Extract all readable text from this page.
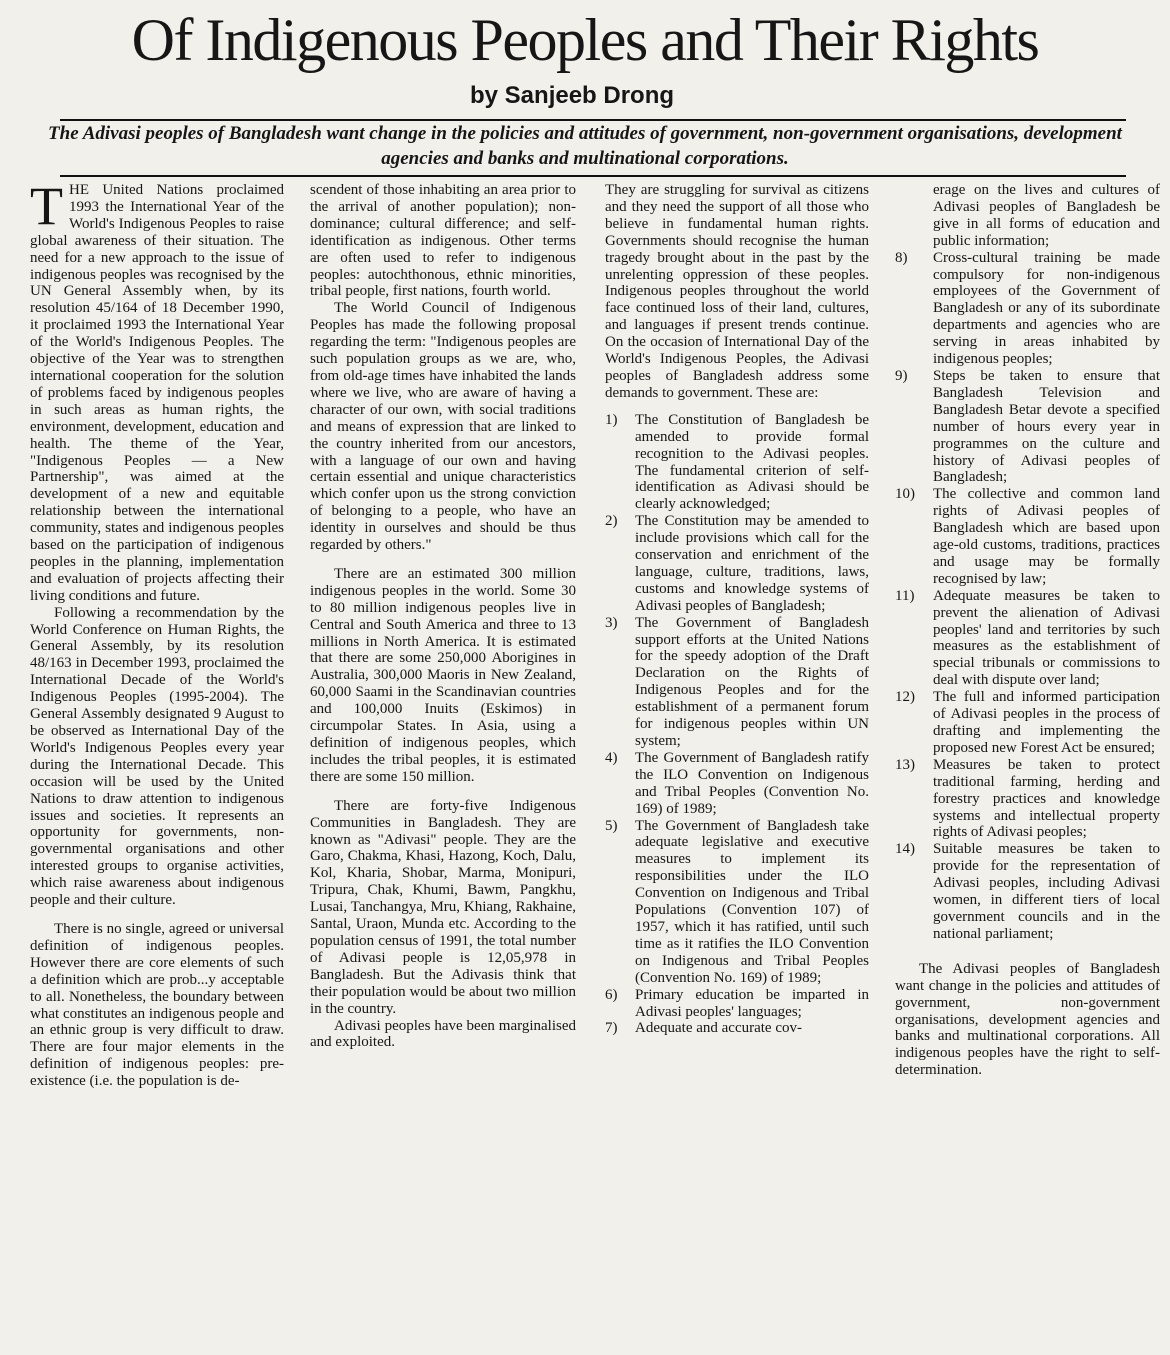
Of Indigenous Peoples and Their Rights
by Sanjeeb Drong

The Adivasi peoples of Bangladesh want change in the policies and attitudes of government, non-government organisations, development agencies and banks and multinational corporations.

THE United Nations proclaimed 1993 the International Year of the World's Indigenous Peoples to raise global awareness of their situation. The need for a new approach to the issue of indigenous peoples was recognised by the UN General Assembly when, by its resolution 45/164 of 18 December 1990, it proclaimed 1993 the International Year of the World's Indigenous Peoples. The objective of the Year was to strengthen international cooperation for the solution of problems faced by indigenous peoples in such areas as human rights, the environment, development, education and health. The theme of the Year, "Indigenous Peoples — a New Partnership", was aimed at the development of a new and equitable relationship between the international community, states and indigenous peoples based on the participation of indigenous peoples in the planning, implementation and evaluation of projects affecting their living conditions and future.

Following a recommendation by the World Conference on Human Rights, the General Assembly, by its resolution 48/163 in December 1993, proclaimed the International Decade of the World's Indigenous Peoples (1995-2004). The General Assembly designated 9 August to be observed as International Day of the World's Indigenous Peoples every year during the International Decade. This occasion will be used by the United Nations to draw attention to indigenous issues and societies. It represents an opportunity for governments, non-governmental organisations and other interested groups to organise activities, which raise awareness about indigenous people and their culture.

There is no single, agreed or universal definition of indigenous peoples. However there are core elements of such a definition which are prob...y acceptable to all. Nonetheless, the boundary between what constitutes an indigenous people and an ethnic group is very difficult to draw. There are four major elements in the definition of indigenous peoples: pre-existence (i.e. the population is de-

scendent of those inhabiting an area prior to the arrival of another population); non-dominance; cultural difference; and self-identification as indigenous. Other terms are often used to refer to indigenous peoples: autochthonous, ethnic minorities, tribal people, first nations, fourth world.

The World Council of Indigenous Peoples has made the following proposal regarding the term: "Indigenous peoples are such population groups as we are, who, from old-age times have inhabited the lands where we live, who are aware of having a character of our own, with social traditions and means of expression that are linked to the country inherited from our ancestors, with a language of our own and having certain essential and unique characteristics which confer upon us the strong conviction of belonging to a people, who have an identity in ourselves and should be thus regarded by others."

There are an estimated 300 million indigenous peoples in the world. Some 30 to 80 million indigenous peoples live in Central and South America and three to 13 millions in North America. It is estimated that there are some 250,000 Aborigines in Australia, 300,000 Maoris in New Zealand, 60,000 Saami in the Scandinavian countries and 100,000 Inuits (Eskimos) in circumpolar States. In Asia, using a definition of indigenous peoples, which includes the tribal peoples, it is estimated there are some 150 million.

There are forty-five Indigenous Communities in Bangladesh. They are known as "Adivasi" people. They are the Garo, Chakma, Khasi, Hazong, Koch, Dalu, Kol, Kharia, Shobar, Marma, Monipuri, Tripura, Chak, Khumi, Bawm, Pangkhu, Lusai, Tanchangya, Mru, Khiang, Rakhaine, Santal, Uraon, Munda etc. According to the population census of 1991, the total number of Adivasi people is 12,05,978 in Bangladesh. But the Adivasis think that their population would be about two million in the country.

Adivasi peoples have been marginalised and exploited.

They are struggling for survival as citizens and they need the support of all those who believe in fundamental human rights. Governments should recognise the human tragedy brought about in the past by the unrelenting oppression of these peoples. Indigenous peoples throughout the world face continued loss of their land, cultures, and languages if present trends continue. On the occasion of International Day of the World's Indigenous Peoples, the Adivasi peoples of Bangladesh address some demands to government. These are:

1)	The Constitution of Bangladesh be amended to provide formal recognition to the Adivasi peoples. The fundamental criterion of self-identification as Adivasi should be clearly acknowledged;
2)	The Constitution may be amended to include provisions which call for the conservation and enrichment of the language, culture, traditions, laws, customs and knowledge systems of Adivasi peoples of Bangladesh;
3)	The Government of Bangladesh support efforts at the United Nations for the speedy adoption of the Draft Declaration on the Rights of Indigenous Peoples and for the establishment of a permanent forum for indigenous peoples within UN system;
4)	The Government of Bangladesh ratify the ILO Convention on Indigenous and Tribal Peoples (Convention No. 169) of 1989;
5)	The Government of Bangladesh take adequate legislative and executive measures to implement its responsibilities under the ILO Convention on Indigenous and Tribal Populations (Convention 107) of 1957, which it has ratified, until such time as it ratifies the ILO Convention on Indigenous and Tribal Peoples (Convention No. 169) of 1989;
6)	Primary education be imparted in Adivasi peoples' languages;
7)	Adequate and accurate cov-
erage on the lives and cultures of Adivasi peoples of Bangladesh be give in all forms of education and public information;
8)	Cross-cultural training be made compulsory for non-indigenous employees of the Government of Bangladesh or any of its subordinate departments and agencies who are serving in areas inhabited by indigenous peoples;
9)	Steps be taken to ensure that Bangladesh Television and Bangladesh Betar devote a specified number of hours every year in programmes on the culture and history of Adivasi peoples of Bangladesh;
10)	The collective and common land rights of Adivasi peoples of Bangladesh which are based upon age-old customs, traditions, practices and usage may be formally recognised by law;
11)	Adequate measures be taken to prevent the alienation of Adivasi peoples' land and territories by such measures as the establishment of special tribunals or commissions to deal with dispute over land;
12)	The full and informed participation of Adivasi peoples in the process of drafting and implementing the proposed new Forest Act be ensured;
13)	Measures be taken to protect traditional farming, herding and forestry practices and knowledge systems and intellectual property rights of Adivasi peoples;
14)	Suitable measures be taken to provide for the representation of Adivasi peoples, including Adivasi women, in different tiers of local government councils and in the national parliament;

The Adivasi peoples of Bangladesh want change in the policies and attitudes of government, non-government organisations, development agencies and banks and multinational corporations. All indigenous peoples have the right to self-determination.
